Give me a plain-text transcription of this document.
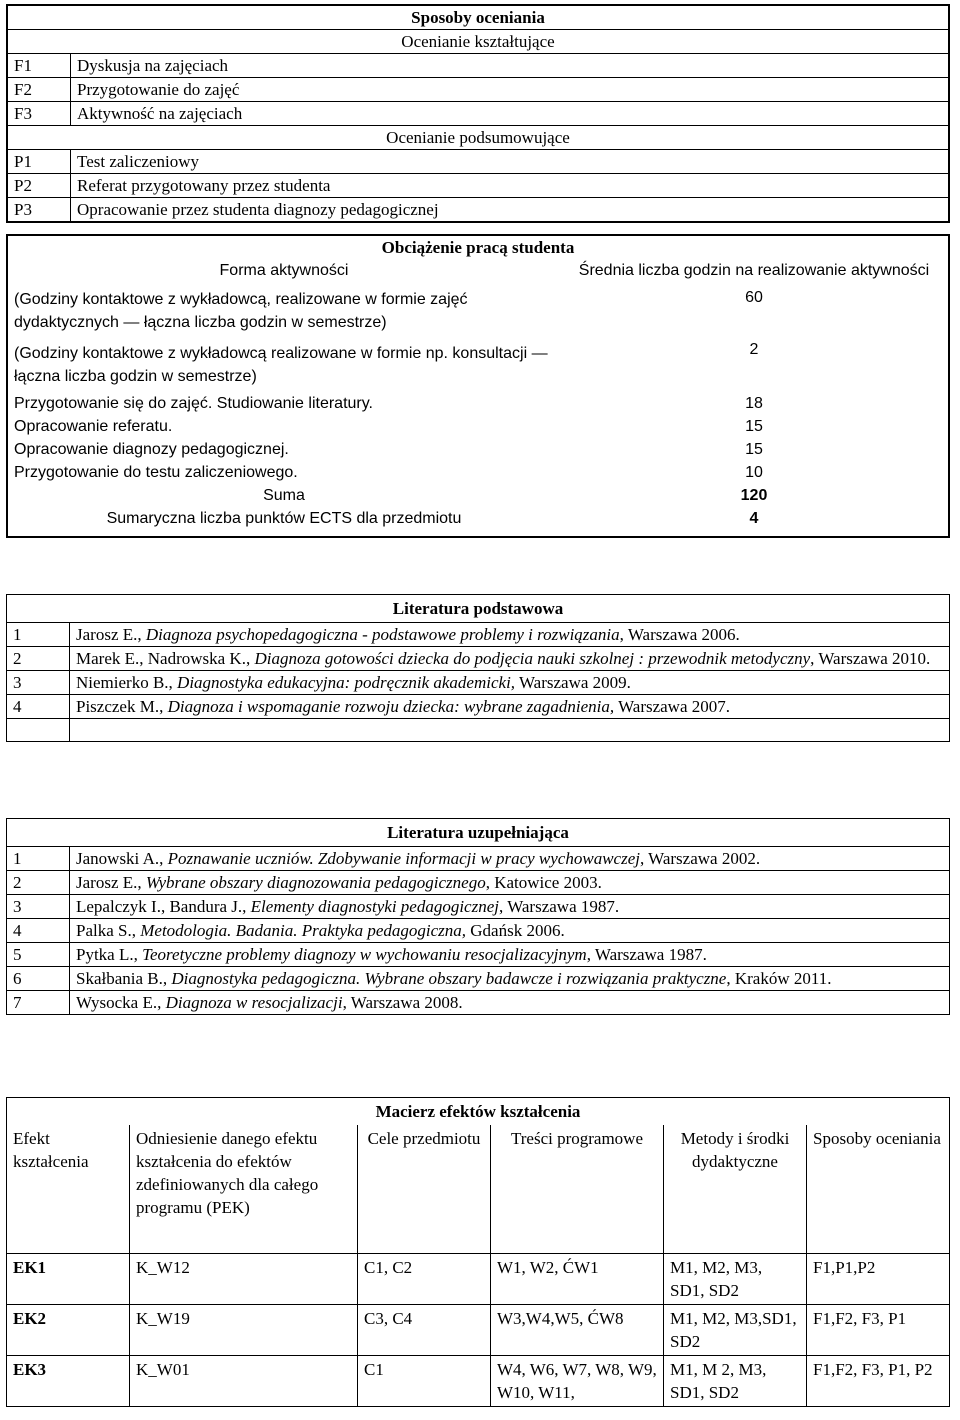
Sposoby oceniania	
Ocenianie kształtujące	
F1	Dyskusja na zajęciach
F2	Przygotowanie do zajęć
F3	Aktywność na zajęciach
Ocenianie podsumowujące	
P1	Test zaliczeniowy
P2	Referat przygotowany przez studenta
P3	Opracowanie przez studenta diagnozy pedagogicznej
Obciążenie pracą studenta	
Forma aktywności	Średnia liczba godzin na realizowanie aktywności
(Godziny kontaktowe z wykładowcą, realizowane w formie zajęć dydaktycznych — łączna liczba godzin w semestrze)	60
(Godziny kontaktowe z wykładowcą realizowane w formie np. konsultacji — łączna liczba godzin w semestrze)	2
Przygotowanie się do zajęć. Studiowanie literatury.	18
Opracowanie referatu.	15
Opracowanie diagnozy pedagogicznej.	15
Przygotowanie do testu zaliczeniowego.	10
Suma	120
Sumaryczna liczba punktów ECTS dla przedmiotu	4
Literatura podstawowa	
1	Jarosz E., Diagnoza psychopedagogiczna - podstawowe problemy i rozwiązania, Warszawa 2006.
2	Marek E., Nadrowska K., Diagnoza gotowości dziecka do podjęcia nauki szkolnej : przewodnik metodyczny, Warszawa 2010.
3	Niemierko B., Diagnostyka edukacyjna: podręcznik akademicki, Warszawa 2009.
4	Piszczek M., Diagnoza i wspomaganie rozwoju dziecka: wybrane zagadnienia, Warszawa 2007.

Literatura uzupełniająca	
1	Janowski A., Poznawanie uczniów. Zdobywanie informacji w pracy wychowawczej, Warszawa 2002.
2	Jarosz E., Wybrane obszary diagnozowania pedagogicznego, Katowice 2003.
3	Lepalczyk I., Bandura J., Elementy diagnostyki pedagogicznej, Warszawa 1987.
4	Palka S., Metodologia. Badania. Praktyka pedagogiczna, Gdańsk 2006.
5	Pytka L., Teoretyczne problemy diagnozy w wychowaniu resocjalizacyjnym, Warszawa 1987.
6	Skałbania B., Diagnostyka pedagogiczna. Wybrane obszary badawcze i rozwiązania praktyczne, Kraków 2011.
7	Wysocka E., Diagnoza w resocjalizacji, Warszawa 2008.
Macierz efektów kształcenia					
Efekt kształcenia	Odniesienie danego efektu kształcenia do efektów zdefiniowanych dla całego programu (PEK)	Cele przedmiotu	Treści programowe	Metody i środki dydaktyczne	Sposoby oceniania
EK1	K_W12	C1, C2	W1, W2, ĆW1	M1, M2, M3, SD1, SD2	F1,P1,P2
EK2	K_W19	C3, C4	W3,W4,W5, ĆW8	M1, M2, M3,SD1, SD2	F1,F2, F3, P1
EK3	K_W01	C1	W4, W6, W7, W8, W9, W10, W11,	M1, M 2, M3, SD1, SD2	F1,F2, F3, P1, P2
